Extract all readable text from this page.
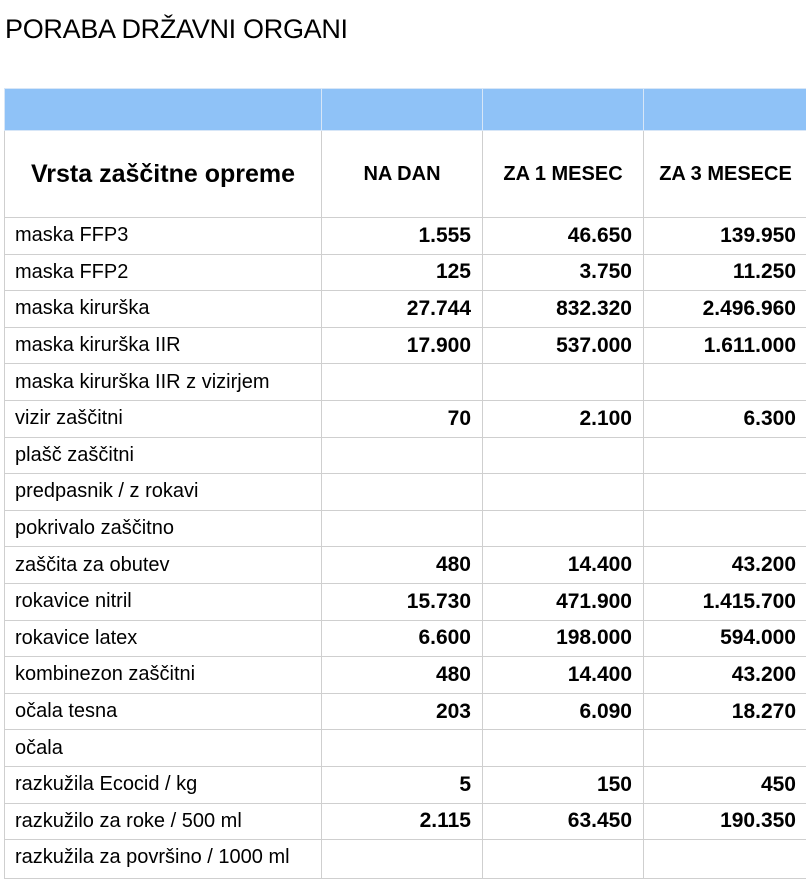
PORABA DRŽAVNI ORGANI

Vrsta zaščitne opreme	NA DAN	ZA 1 MESEC	ZA 3 MESECE
maska FFP3	1.555	46.650	139.950
maska FFP2	125	3.750	11.250
maska kirurška	27.744	832.320	2.496.960
maska kirurška IIR	17.900	537.000	1.611.000
maska kirurška IIR z vizirjem			
vizir zaščitni	70	2.100	6.300
plašč zaščitni			
predpasnik / z rokavi			
pokrivalo zaščitno			
zaščita za obutev	480	14.400	43.200
rokavice nitril	15.730	471.900	1.415.700
rokavice latex	6.600	198.000	594.000
kombinezon zaščitni	480	14.400	43.200
očala tesna	203	6.090	18.270
očala			
razkužila Ecocid / kg	5	150	450
razkužilo za roke / 500 ml	2.115	63.450	190.350
razkužila za površino / 1000 ml			
